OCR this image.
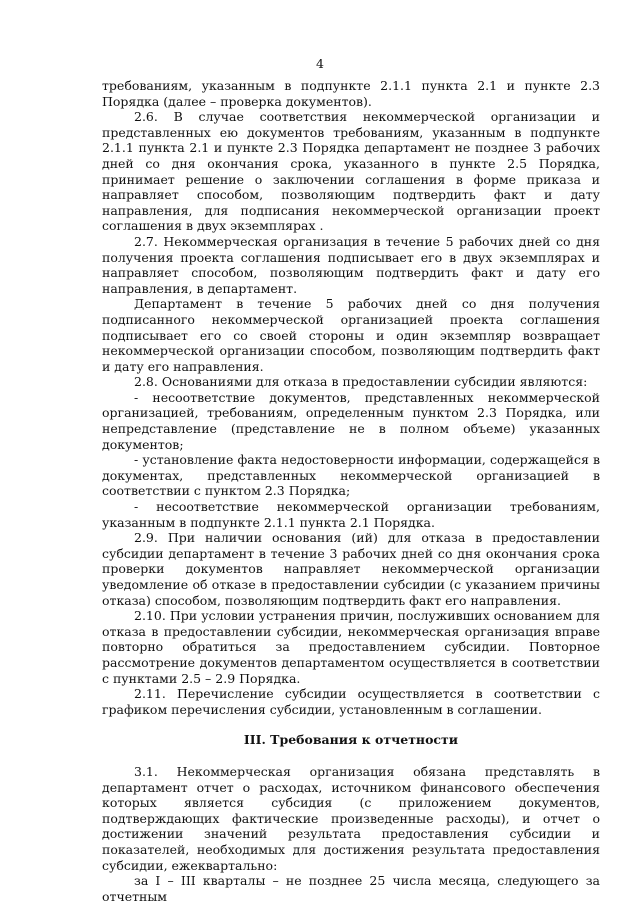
4

требованиям, указанным в подпункте 2.1.1 пункта 2.1 и пункте 2.3 Порядка (далее – проверка документов).

2.6. В случае соответствия некоммерческой организации и представленных ею документов требованиям, указанным в подпункте 2.1.1 пункта 2.1 и пункте 2.3 Порядка департамент не позднее 3 рабочих дней со дня окончания срока, указанного в пункте 2.5 Порядка, принимает решение о заключении соглашения в форме приказа и направляет способом, позволяющим подтвердить факт и дату направления, для подписания некоммерческой организации проект соглашения в двух экземплярах .

2.7. Некоммерческая организация в течение 5 рабочих дней со дня получения проекта соглашения подписывает его в двух экземплярах и направляет способом, позволяющим подтвердить факт и дату его направления, в департамент.

Департамент в течение 5 рабочих дней со дня получения подписанного некоммерческой организацией проекта соглашения подписывает его со своей стороны и один экземпляр возвращает некоммерческой организации способом, позволяющим подтвердить факт и дату его направления.

2.8. Основаниями для отказа в предоставлении субсидии являются:

- несоответствие документов, представленных некоммерческой организацией, требованиям, определенным пунктом 2.3 Порядка, или непредставление (представление не в полном объеме) указанных документов;

- установление факта недостоверности информации, содержащейся в документах, представленных некоммерческой организацией в соответствии с пунктом 2.3 Порядка;

- несоответствие некоммерческой организации требованиям, указанным в подпункте 2.1.1 пункта 2.1 Порядка.

2.9. При наличии основания (ий) для отказа в предоставлении субсидии департамент в течение 3 рабочих дней со дня окончания срока проверки документов направляет некоммерческой организации уведомление об отказе в предоставлении субсидии (с указанием причины отказа) способом, позволяющим подтвердить факт его направления.

2.10. При условии устранения причин, послуживших основанием для отказа в предоставлении субсидии, некоммерческая организация вправе повторно обратиться за предоставлением субсидии. Повторное рассмотрение документов департаментом осуществляется в соответствии с пунктами 2.5 – 2.9 Порядка.

2.11. Перечисление субсидии осуществляется в соответствии с графиком перечисления субсидии, установленным в соглашении.

III. Требования к отчетности

3.1. Некоммерческая организация обязана представлять в департамент отчет о расходах, источником финансового обеспечения которых является субсидия (с приложением документов, подтверждающих фактические произведенные расходы), и отчет о достижении значений результата предоставления субсидии и показателей, необходимых для достижения результата предоставления субсидии, ежеквартально:

за I – III кварталы – не позднее 25 числа месяца, следующего за отчетным
